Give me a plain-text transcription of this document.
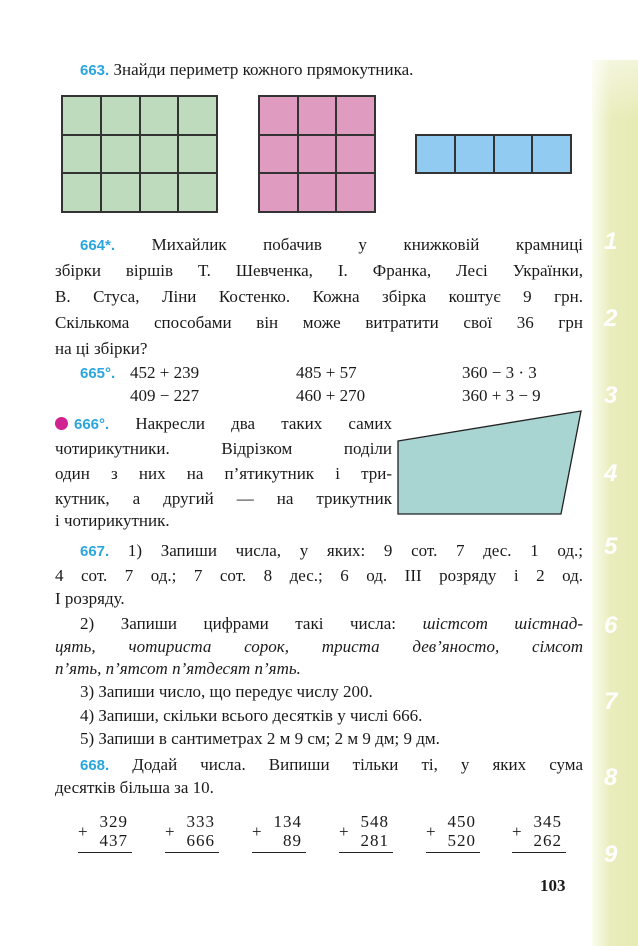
1
2
3
4
5
6
7
8
9
663. Знайди периметр кожного прямокутника.
664*. Михайлик побачив у книжковій крамниці
збірки віршів Т. Шевченка, І. Франка, Лесі Українки,
В. Стуса, Ліни Костенко. Кожна збірка коштує 9 грн.
Скількома способами він може витратити свої 36 грн
на ці збірки?
665°. 452 + 239	485 + 57	360 − 3 · 3
409 − 227	460 + 270	360 + 3 − 9
666°. Накресли два таких самих
чотирикутники. Відрізком поділи
один з них на п’ятикутник і три-
кутник, а другий — на трикутник
і чотирикутник.
667. 1) Запиши числа, у яких: 9 сот. 7 дес. 1 од.;
4 сот. 7 од.; 7 сот. 8 дес.; 6 од. ІІІ розряду і 2 од.
І розряду.
2) Запиши цифрами такі числа: шістсот шістнад-
цять, чотириста сорок, триста дев’яносто, сімсот
п’ять, п’ятсот п’ятдесят п’ять.
3) Запиши число, що передує числу 200.
4) Запиши, скільки всього десятків у числі 666.
5) Запиши в сантиметрах 2 м 9 см; 2 м 9 дм; 9 дм.
668. Додай числа. Випиши тільки ті, у яких сума
десятків більша за 10.
+
329
437 +
333
666 +
134
89 +
548
281 +
450
520 +
345
262
103
